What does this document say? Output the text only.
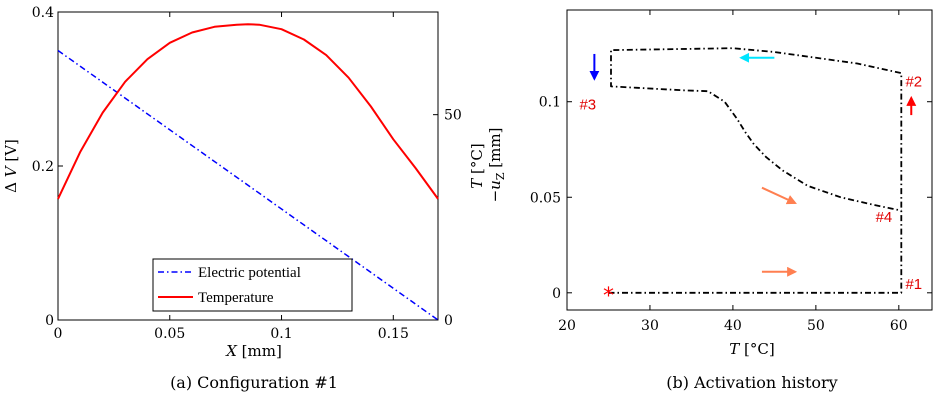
0	0.05	0.1	0.15
0
0.2
0.4
0
50
Electric potential
Temperature
X [mm]
Δ V [V]
T [°C]
(a) Configuration #1
20	30	40	50	60
0
0.05
0.1
*	#1
#2
#3
#4
T [°C]
$-u_Z$ [mm]
(b) Activation history
